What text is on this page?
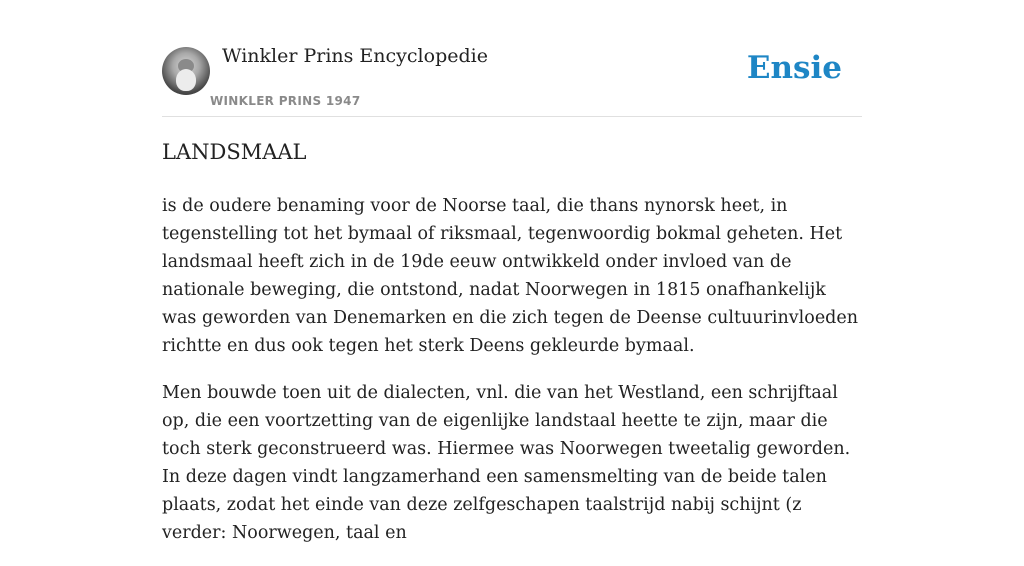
Winkler Prins Encyclopedie
WINKLER PRINS 1947
Ensie
LANDSMAAL

is de oudere benaming voor de Noorse taal, die thans nynorsk heet, in tegenstelling tot het bymaal of riksmaal, tegenwoordig bokmal geheten. Het landsmaal heeft zich in de 19de eeuw ontwikkeld onder invloed van de nationale beweging, die ontstond, nadat Noorwegen in 1815 onafhankelijk was geworden van Denemarken en die zich tegen de Deense cultuurinvloeden richtte en dus ook tegen het sterk Deens gekleurde bymaal.

Men bouwde toen uit de dialecten, vnl. die van het Westland, een schrijftaal op, die een voortzetting van de eigenlijke landstaal heette te zijn, maar die toch sterk geconstrueerd was. Hiermee was Noorwegen tweetalig geworden. In deze dagen vindt langzamerhand een samensmelting van de beide talen plaats, zodat het einde van deze zelfgeschapen taalstrijd nabij schijnt (z verder: Noorwegen, taal en
